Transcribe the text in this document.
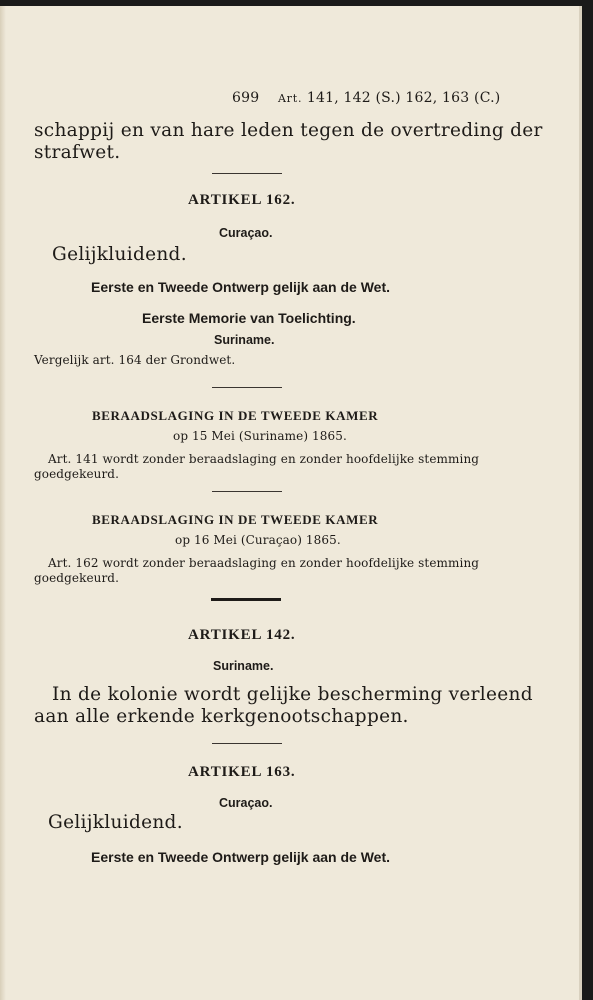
699 Art. 141, 142 (S.) 162, 163 (C.)
schappij en van hare leden tegen de overtreding der
strafwet.
ARTIKEL 162.
Curaçao.
Gelijkluidend.
Eerste en Tweede Ontwerp gelijk aan de Wet.
Eerste Memorie van Toelichting.
Suriname.
Vergelijk art. 164 der Grondwet.
BERAADSLAGING IN DE TWEEDE KAMER
op 15 Mei (Suriname) 1865.
Art. 141 wordt zonder beraadslaging en zonder hoofdelijke stemming
goedgekeurd.
BERAADSLAGING IN DE TWEEDE KAMER
op 16 Mei (Curaçao) 1865.
Art. 162 wordt zonder beraadslaging en zonder hoofdelijke stemming
goedgekeurd.
ARTIKEL 142.
Suriname.
In de kolonie wordt gelijke bescherming verleend
aan alle erkende kerkgenootschappen.
ARTIKEL 163.
Curaçao.
Gelijkluidend.
Eerste en Tweede Ontwerp gelijk aan de Wet.
